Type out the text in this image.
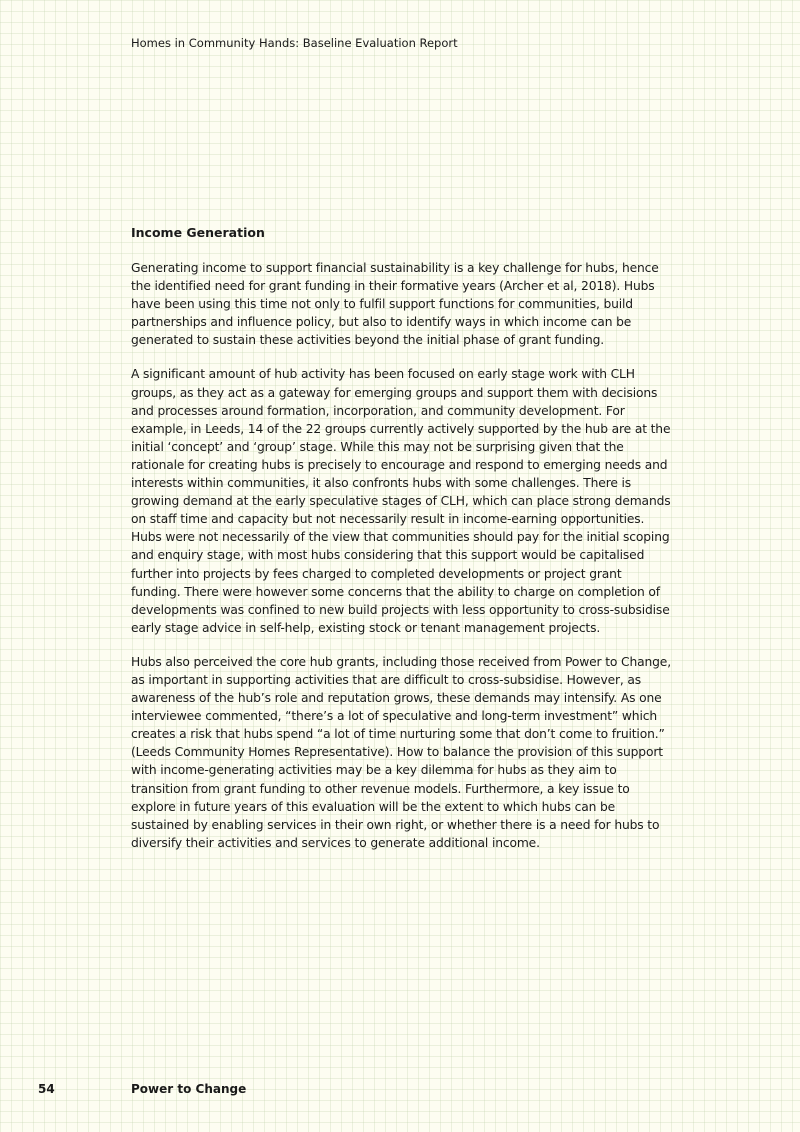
Homes in Community Hands: Baseline Evaluation Report
Income Generation

Generating income to support financial sustainability is a key challenge for hubs, hence the identified need for grant funding in their formative years (Archer et al, 2018). Hubs have been using this time not only to fulfil support functions for communities, build partnerships and influence policy, but also to identify ways in which income can be generated to sustain these activities beyond the initial phase of grant funding.

A significant amount of hub activity has been focused on early stage work with CLH groups, as they act as a gateway for emerging groups and support them with decisions and processes around formation, incorporation, and community development. For example, in Leeds, 14 of the 22 groups currently actively supported by the hub are at the initial ‘concept’ and ‘group’ stage. While this may not be surprising given that the rationale for creating hubs is precisely to encourage and respond to emerging needs and interests within communities, it also confronts hubs with some challenges. There is growing demand at the early speculative stages of CLH, which can place strong demands on staff time and capacity but not necessarily result in income-earning opportunities. Hubs were not necessarily of the view that communities should pay for the initial scoping and enquiry stage, with most hubs considering that this support would be capitalised further into projects by fees charged to completed developments or project grant funding. There were however some concerns that the ability to charge on completion of developments was confined to new build projects with less opportunity to cross-subsidise early stage advice in self-help, existing stock or tenant management projects.

Hubs also perceived the core hub grants, including those received from Power to Change, as important in supporting activities that are difficult to cross-subsidise. However, as awareness of the hub’s role and reputation grows, these demands may intensify. As one interviewee commented, “there’s a lot of speculative and long-term investment” which creates a risk that hubs spend “a lot of time nurturing some that don’t come to fruition.” (Leeds Community Homes Representative). How to balance the provision of this support with income-generating activities may be a key dilemma for hubs as they aim to transition from grant funding to other revenue models. Furthermore, a key issue to explore in future years of this evaluation will be the extent to which hubs can be sustained by enabling services in their own right, or whether there is a need for hubs to diversify their activities and services to generate additional income.

54	Power to Change
